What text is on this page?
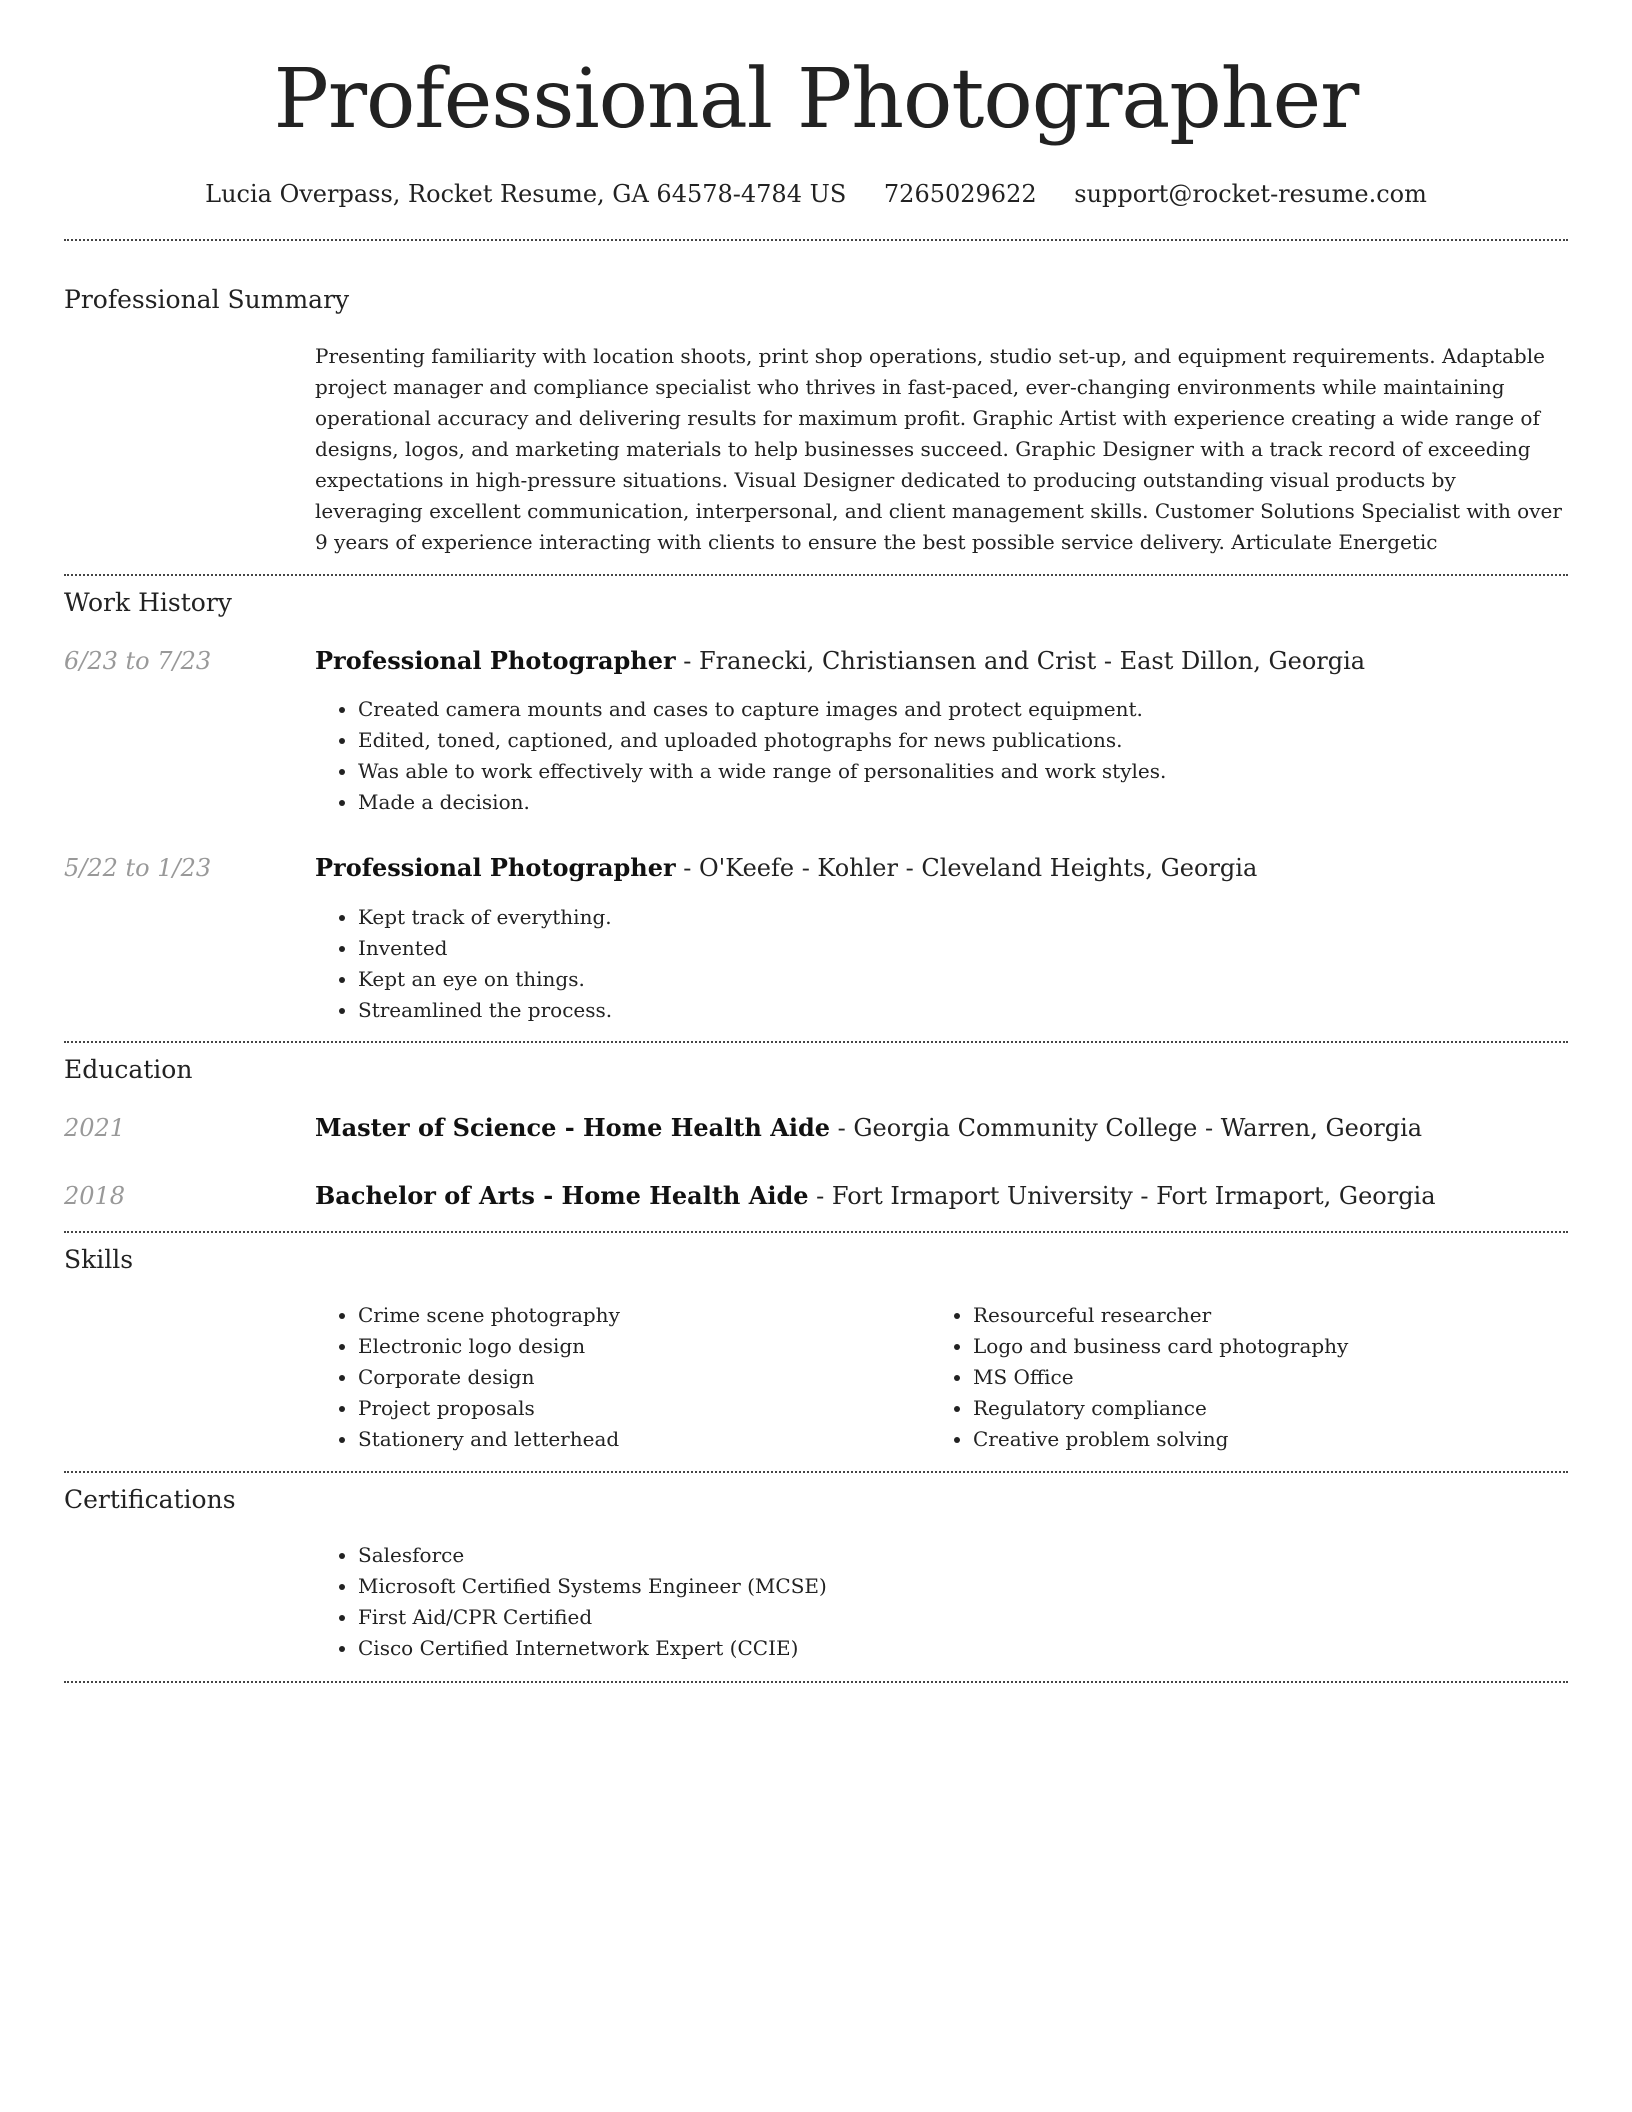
Professional Photographer
Lucia Overpass, Rocket Resume, GA 64578-4784 US 7265029622 support@rocket-resume.com
Professional Summary

Presenting familiarity with location shoots, print shop operations, studio set-up, and equipment requirements. Adaptable project manager and compliance specialist who thrives in fast-paced, ever-changing environments while maintaining operational accuracy and delivering results for maximum profit. Graphic Artist with experience creating a wide range of designs, logos, and marketing materials to help businesses succeed. Graphic Designer with a track record of exceeding expectations in high-pressure situations. Visual Designer dedicated to producing outstanding visual products by leveraging excellent communication, interpersonal, and client management skills. Customer Solutions Specialist with over 9 years of experience interacting with clients to ensure the best possible service delivery. Articulate Energetic

Work History
6/23 to 7/23	Professional Photographer - Franecki, Christiansen and Crist - East Dillon, Georgia
• Created camera mounts and cases to capture images and protect equipment.
• Edited, toned, captioned, and uploaded photographs for news publications.
• Was able to work effectively with a wide range of personalities and work styles.
• Made a decision.
5/22 to 1/23	Professional Photographer - O'Keefe - Kohler - Cleveland Heights, Georgia
• Kept track of everything.
• Invented
• Kept an eye on things.
• Streamlined the process.
Education
2021	Master of Science - Home Health Aide - Georgia Community College - Warren, Georgia
2018	Bachelor of Arts - Home Health Aide - Fort Irmaport University - Fort Irmaport, Georgia
Skills
• Crime scene photography
• Electronic logo design
• Corporate design
• Project proposals
• Stationery and letterhead
• Resourceful researcher
• Logo and business card photography
• MS Office
• Regulatory compliance
• Creative problem solving
Certifications
• Salesforce
• Microsoft Certified Systems Engineer (MCSE)
• First Aid/CPR Certified
• Cisco Certified Internetwork Expert (CCIE)
